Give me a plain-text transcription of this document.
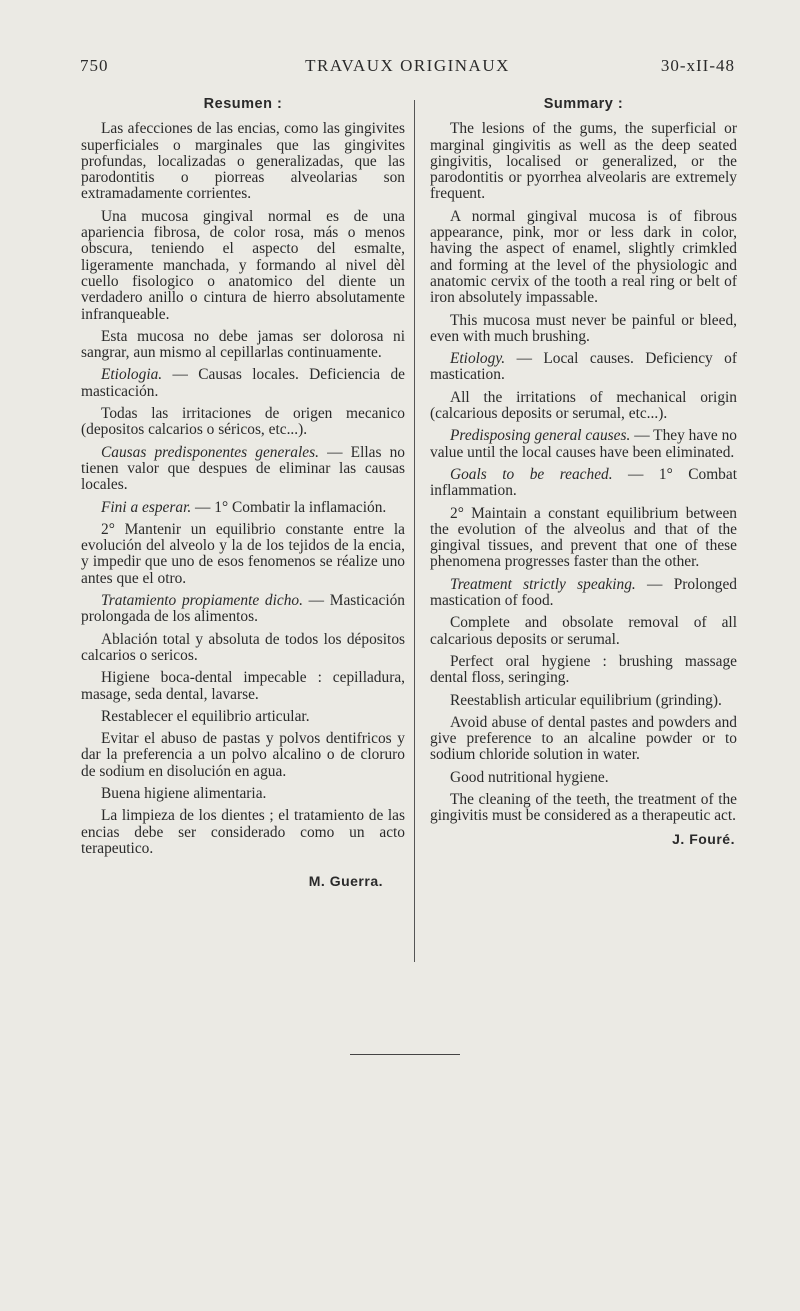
750	TRAVAUX ORIGINAUX	30-xII-48
Resumen :

Las afecciones de las encias, como las gingivites superficiales o marginales que las gingivites profundas, localizadas o generalizadas, que las parodontitis o piorreas alveolarias son extramadamente corrientes.

Una mucosa gingival normal es de una apariencia fibrosa, de color rosa, más o menos obscura, teniendo el aspecto del esmalte, ligeramente manchada, y formando al nivel dèl cuello fisologico o anatomico del diente un verdadero anillo o cintura de hierro absolutamente infranqueable.

Esta mucosa no debe jamas ser dolorosa ni sangrar, aun mismo al cepillarlas continuamente.

Etiologia. — Causas locales. Deficiencia de masticación.

Todas las irritaciones de origen mecanico (depositos calcarios o séricos, etc...).

Causas predisponentes generales. — Ellas no tienen valor que despues de eliminar las causas locales.

Fini a esperar. — 1° Combatir la inflamación.

2° Mantenir un equilibrio constante entre la evolución del alveolo y la de los tejidos de la encia, y impedir que uno de esos fenomenos se réalize uno antes que el otro.

Tratamiento propiamente dicho. — Masticación prolongada de los alimentos.

Ablación total y absoluta de todos los dépositos calcarios o sericos.

Higiene boca-dental impecable : cepilladura, masage, seda dental, lavarse.

Restablecer el equilibrio articular.

Evitar el abuso de pastas y polvos dentifricos y dar la preferencia a un polvo alcalino o de cloruro de sodium en disolución en agua.

Buena higiene alimentaria.

La limpieza de los dientes ; el tratamiento de las encias debe ser considerado como un acto terapeutico.

M. Guerra.
Summary :

The lesions of the gums, the superficial or marginal gingivitis as well as the deep seated gingivitis, localised or generalized, or the parodontitis or pyorrhea alveolaris are extremely frequent.

A normal gingival mucosa is of fibrous appearance, pink, mor or less dark in color, having the aspect of enamel, slightly crimkled and forming at the level of the physiologic and anatomic cervix of the tooth a real ring or belt of iron absolutely impassable.

This mucosa must never be painful or bleed, even with much brushing.

Etiology. — Local causes. Deficiency of mastication.

All the irritations of mechanical origin (calcarious deposits or serumal, etc...).

Predisposing general causes. — They have no value until the local causes have been eliminated.

Goals to be reached. — 1° Combat inflammation.

2° Maintain a constant equilibrium between the evolution of the alveolus and that of the gingival tissues, and prevent that one of these phenomena progresses faster than the other.

Treatment strictly speaking. — Prolonged mastication of food.

Complete and obsolate removal of all calcarious deposits or serumal.

Perfect oral hygiene : brushing massage dental floss, seringing.

Reestablish articular equilibrium (grinding).

Avoid abuse of dental pastes and powders and give preference to an alcaline powder or to sodium chloride solution in water.

Good nutritional hygiene.

The cleaning of the teeth, the treatment of the gingivitis must be considered as a therapeutic act.

J. Fouré.
